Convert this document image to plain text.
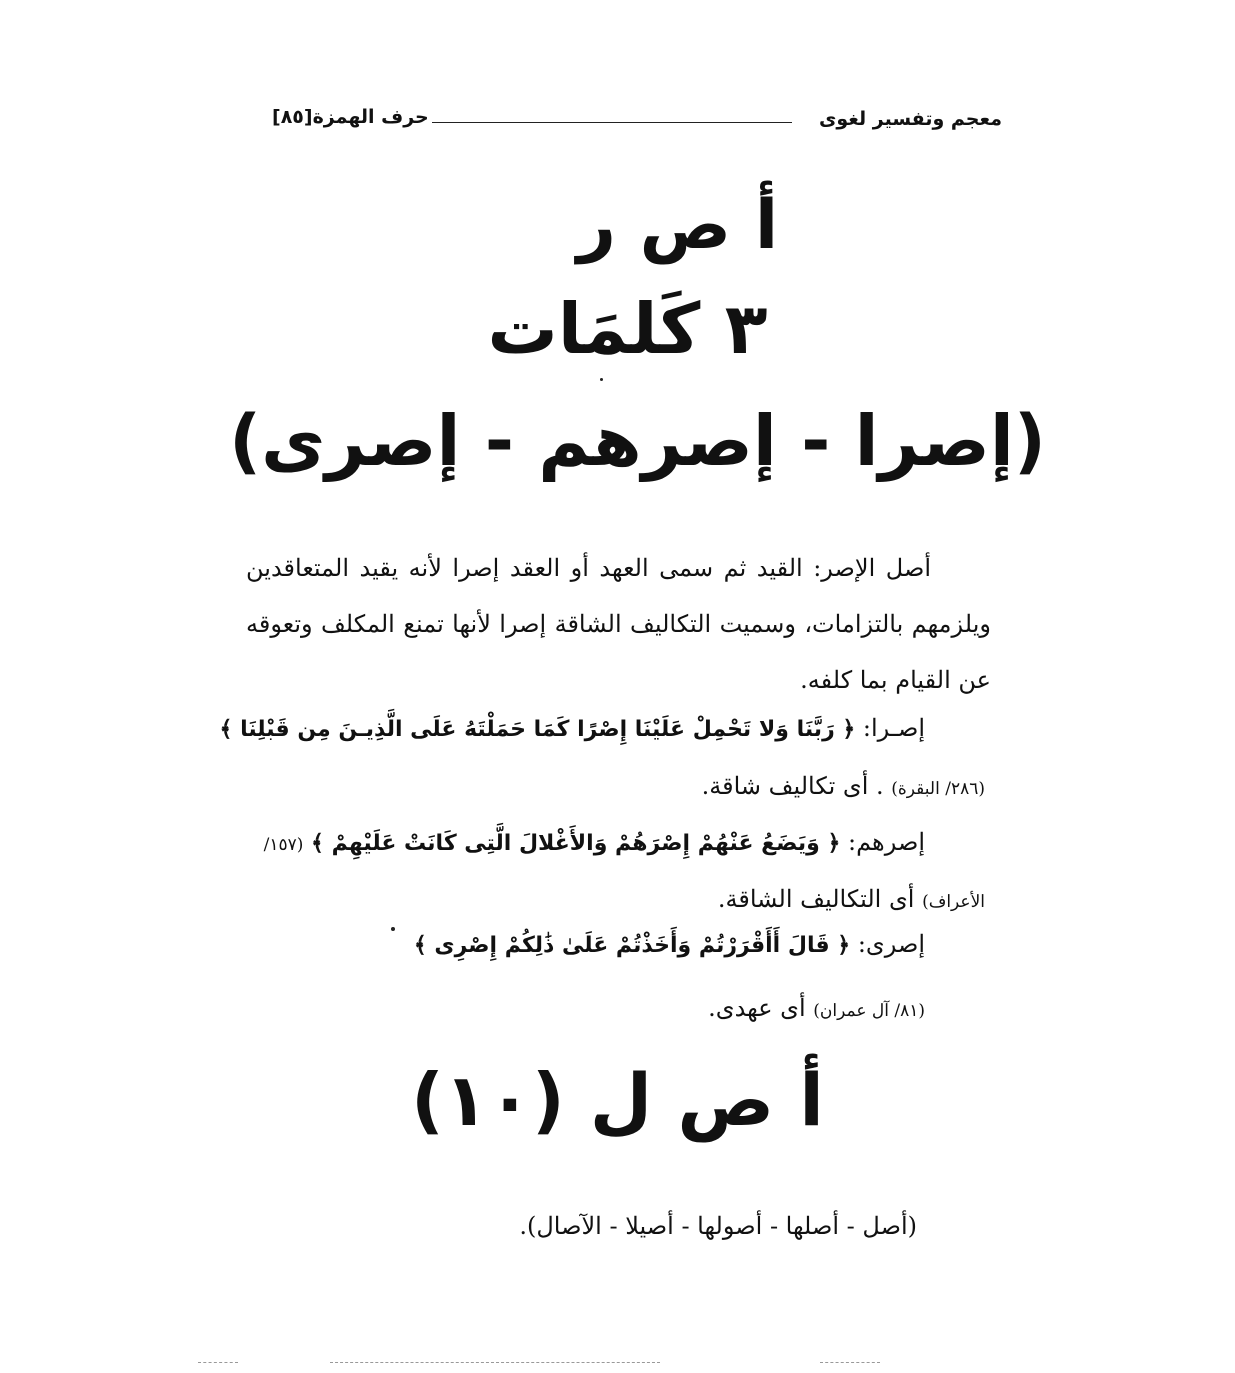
معجم وتفسير لغوى
حرف الهمزة[٨٥]
أ ص ر
٣ كَلمَات
(إصرا - إصرهم - إصرى)
أصل الإصر: القيد ثم سمى العهد أو العقد إصرا لأنه يقيد المتعاقدين ويلزمهم بالتزامات، وسميت التكاليف الشاقة إصرا لأنها تمنع المكلف وتعوقه عن القيام بما كلفه.
إصـرا: ﴿ رَبَّنَا وَلا تَحْمِلْ عَلَيْنَا إِصْرًا كَمَا حَمَلْتَهُ عَلَى الَّذِيـنَ مِن قَبْلِنَا ﴾
(٢٨٦/ البقرة) . أى تكاليف شاقة.
إصرهم: ﴿ وَيَضَعُ عَنْهُمْ إِصْرَهُمْ وَالأَغْلالَ الَّتِى كَانَتْ عَلَيْهِمْ ﴾ (١٥٧/
الأعراف) أى التكاليف الشاقة.
إصرى: ﴿ قَالَ أَأَقْرَرْتُمْ وَأَخَذْتُمْ عَلَىٰ ذَٰلِكُمْ إِصْرِى ﴾
(٨١/ آل عمران) أى عهدى.
أ ص ل (١٠)
(أصل - أصلها - أصولها - أصيلا - الآصال).
